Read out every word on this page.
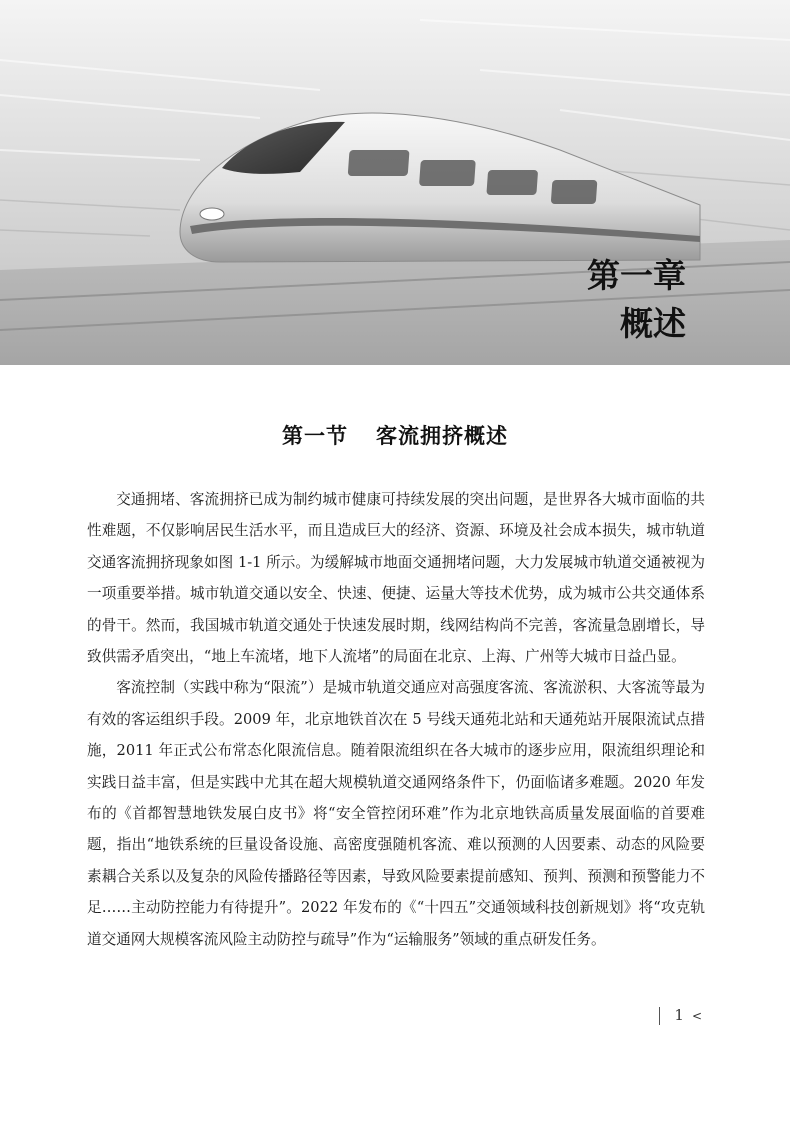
第一章
概述
第一节 客流拥挤概述

交通拥堵、客流拥挤已成为制约城市健康可持续发展的突出问题，是世界各大城市面临的共性难题，不仅影响居民生活水平，而且造成巨大的经济、资源、环境及社会成本损失，城市轨道交通客流拥挤现象如图 1-1 所示。为缓解城市地面交通拥堵问题，大力发展城市轨道交通被视为一项重要举措。城市轨道交通以安全、快速、便捷、运量大等技术优势，成为城市公共交通体系的骨干。然而，我国城市轨道交通处于快速发展时期，线网结构尚不完善，客流量急剧增长，导致供需矛盾突出，“地上车流堵，地下人流堵”的局面在北京、上海、广州等大城市日益凸显。

客流控制（实践中称为“限流”）是城市轨道交通应对高强度客流、客流淤积、大客流等最为有效的客运组织手段。2009 年，北京地铁首次在 5 号线天通苑北站和天通苑站开展限流试点措施，2011 年正式公布常态化限流信息。随着限流组织在各大城市的逐步应用，限流组织理论和实践日益丰富，但是实践中尤其在超大规模轨道交通网络条件下，仍面临诸多难题。2020 年发布的《首都智慧地铁发展白皮书》将“安全管控闭环难”作为北京地铁高质量发展面临的首要难题，指出“地铁系统的巨量设备设施、高密度强随机客流、难以预测的人因要素、动态的风险要素耦合关系以及复杂的风险传播路径等因素，导致风险要素提前感知、预判、预测和预警能力不足……主动防控能力有待提升”。2022 年发布的《“十四五”交通领域科技创新规划》将“攻克轨道交通网大规模客流风险主动防控与疏导”作为“运输服务”领域的重点研发任务。

1 <
